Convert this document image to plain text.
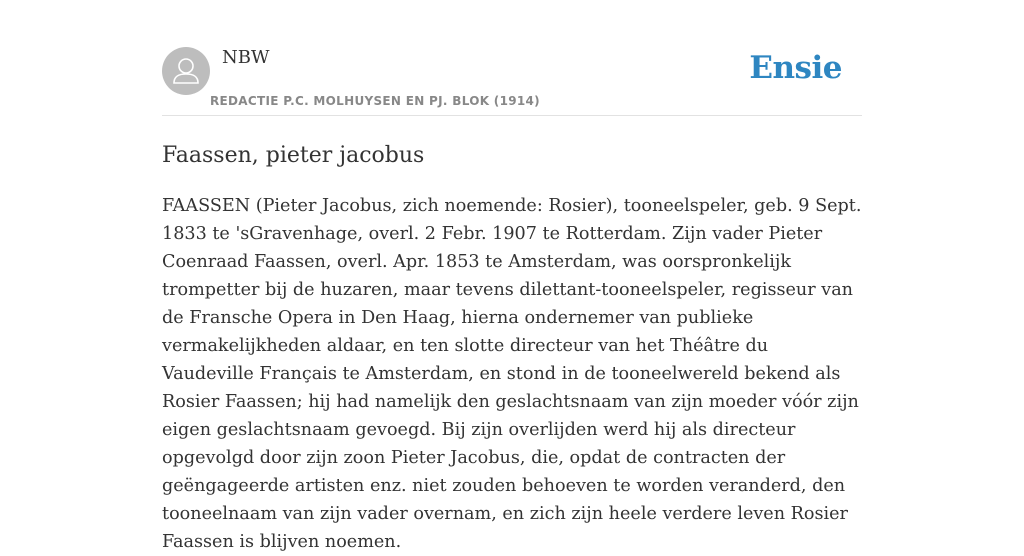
NBW
REDACTIE P.C. MOLHUYSEN EN PJ. BLOK (1914)
Ensie
Faassen, pieter jacobus

FAASSEN (Pieter Jacobus, zich noemende: Rosier), tooneelspeler, geb. 9 Sept. 1833 te 'sGravenhage, overl. 2 Febr. 1907 te Rotterdam. Zijn vader Pieter Coenraad Faassen, overl. Apr. 1853 te Amsterdam, was oorspronkelijk trompetter bij de huzaren, maar tevens dilettant-tooneelspeler, regisseur van de Fransche Opera in Den Haag, hierna ondernemer van publieke vermakelijkheden aldaar, en ten slotte directeur van het Théâtre du Vaudeville Français te Amsterdam, en stond in de tooneelwereld bekend als Rosier Faassen; hij had namelijk den geslachtsnaam van zijn moeder vóór zijn eigen geslachtsnaam gevoegd. Bij zijn overlijden werd hij als directeur opgevolgd door zijn zoon Pieter Jacobus, die, opdat de contracten der geëngageerde artisten enz. niet zouden behoeven te worden veranderd, den tooneelnaam van zijn vader overnam, en zich zijn heele verdere leven Rosier Faassen is blijven noemen.
